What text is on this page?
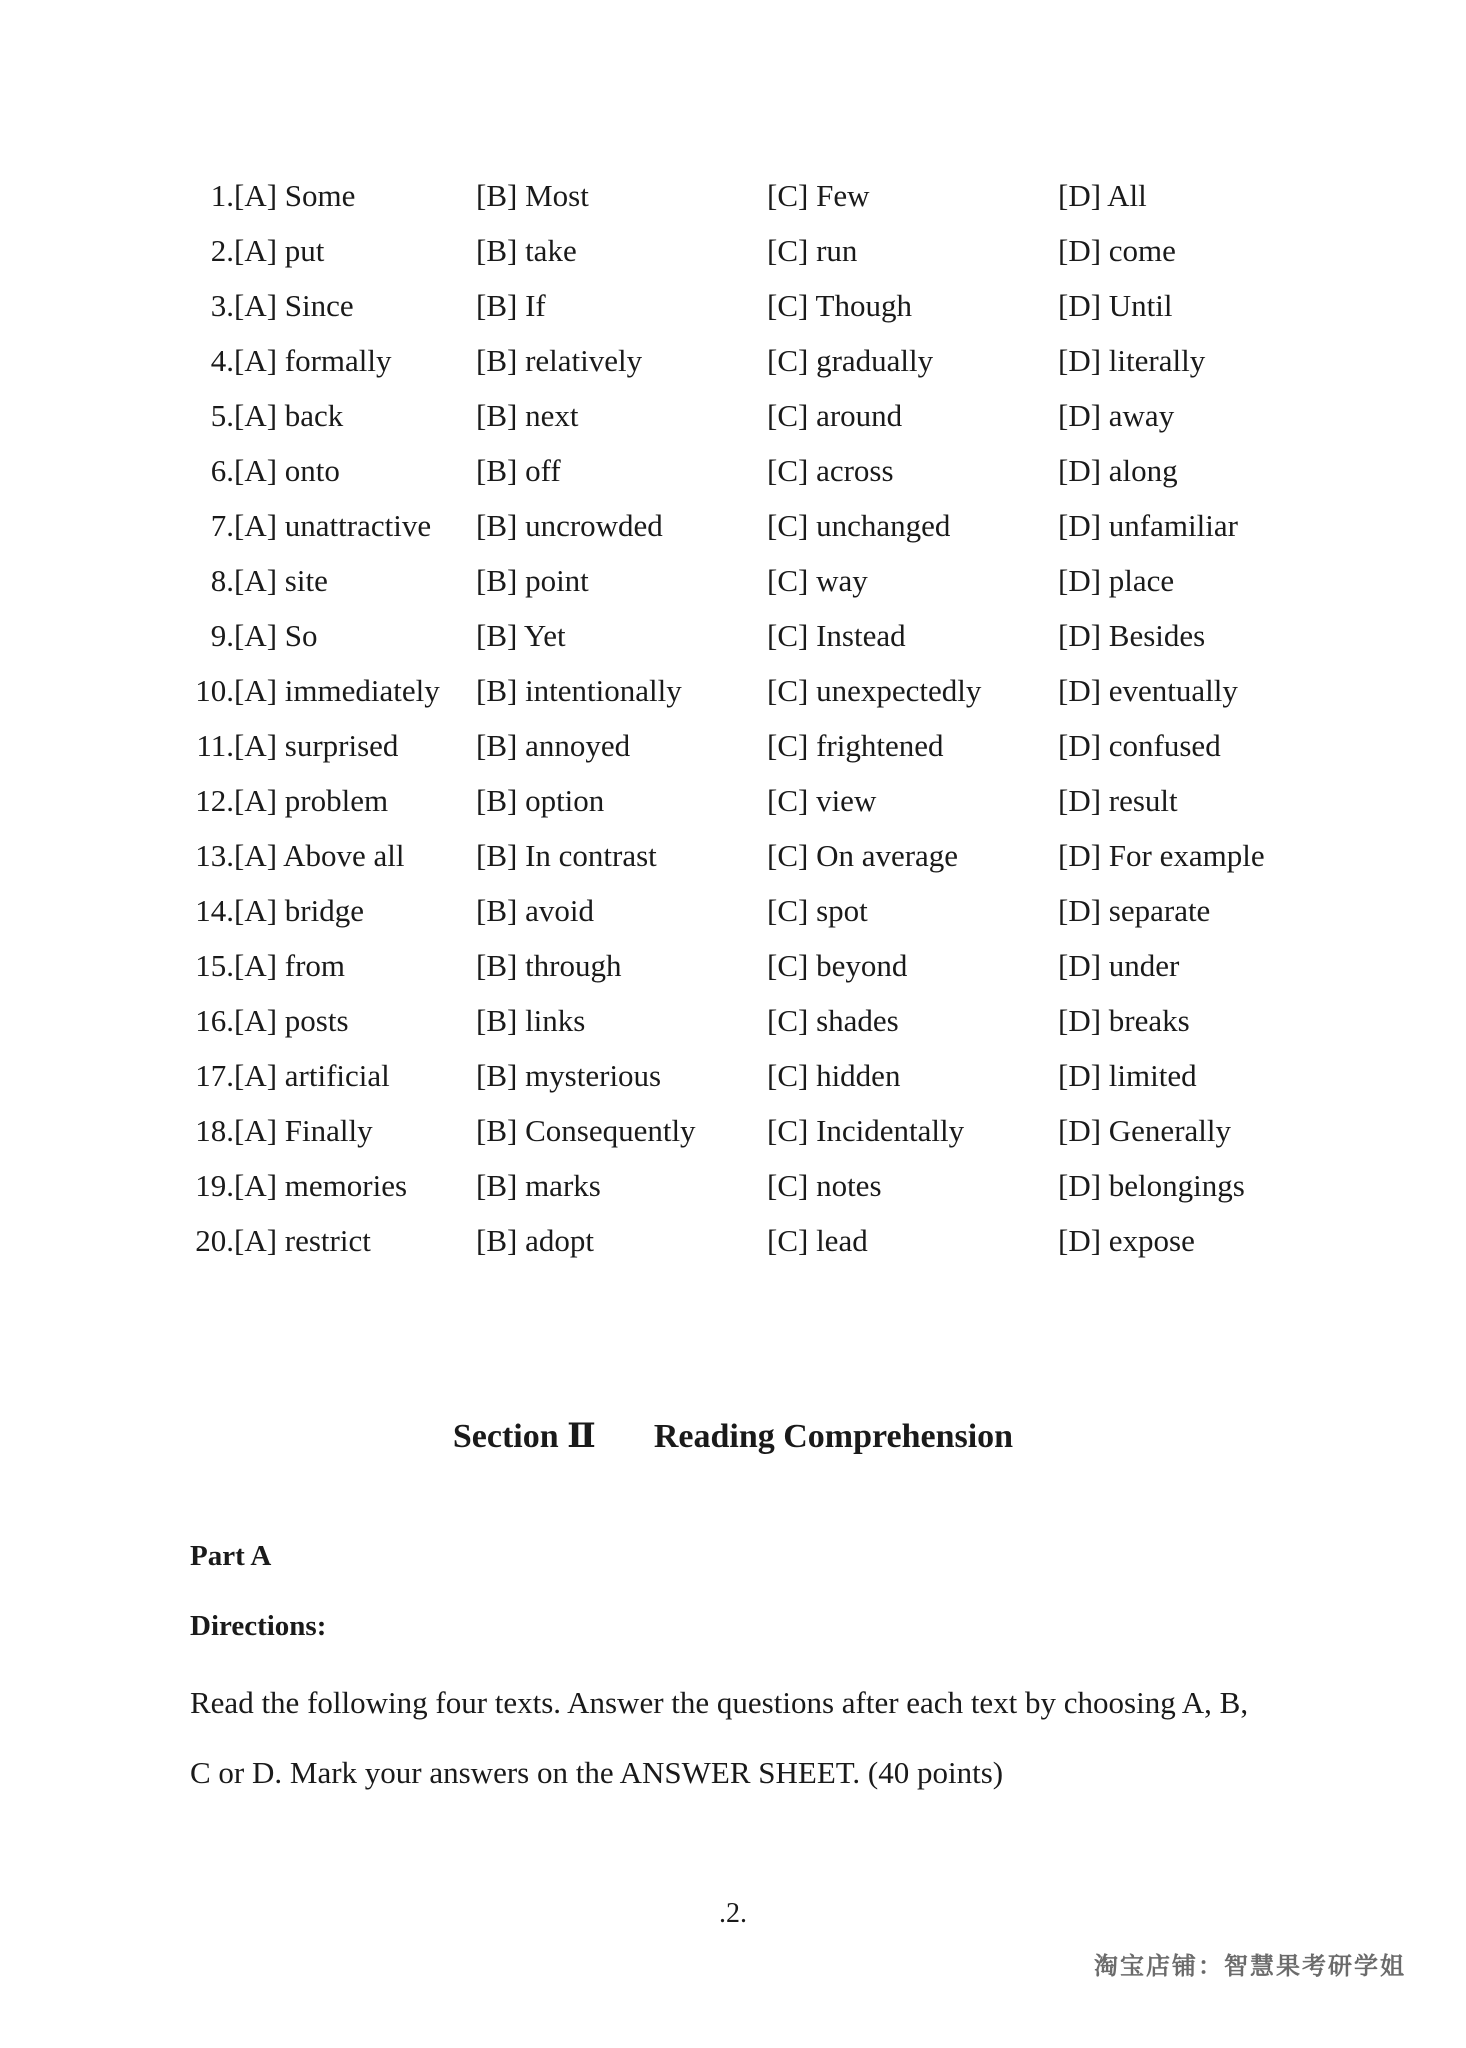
1. [A] Some	[B] Most	[C] Few	[D] All
2. [A] put	[B] take	[C] run	[D] come
3. [A] Since	[B] If	[C] Though	[D] Until
4. [A] formally	[B] relatively	[C] gradually	[D] literally
5. [A] back	[B] next	[C] around	[D] away
6. [A] onto	[B] off	[C] across	[D] along
7. [A] unattractive [B] uncrowded	[C] unchanged	[D] unfamiliar
8. [A] site	[B] point	[C] way	[D] place
9. [A] So	[B] Yet	[C] Instead	[D] Besides
10. [A] immediately [B] intentionally	[C] unexpectedly [D] eventually
11. [A] surprised	[B] annoyed	[C] frightened	[D] confused
12. [A] problem	[B] option	[C] view	[D] result
13. [A] Above all [B] In contrast	[C] On average	[D] For example
14. [A] bridge	[B] avoid	[C] spot	[D] separate
15. [A] from	[B] through	[C] beyond	[D] under
16. [A] posts	[B] links	[C] shades	[D] breaks
17. [A] artificial	[B] mysterious	[C] hidden	[D] limited
18. [A] Finally	[B] Consequently [C] Incidentally	[D] Generally
19. [A] memories [B] marks	[C] notes	[D] belongings
20. [A] restrict	[B] adopt	[C] lead	[D] expose
Section Ⅱ Reading Comprehension
Part A
Directions:
Read the following four texts. Answer the questions after each text by choosing A, B,
C or D. Mark your answers on the ANSWER SHEET. (40 points)
.2.
淘宝店铺：智慧果考研学姐
